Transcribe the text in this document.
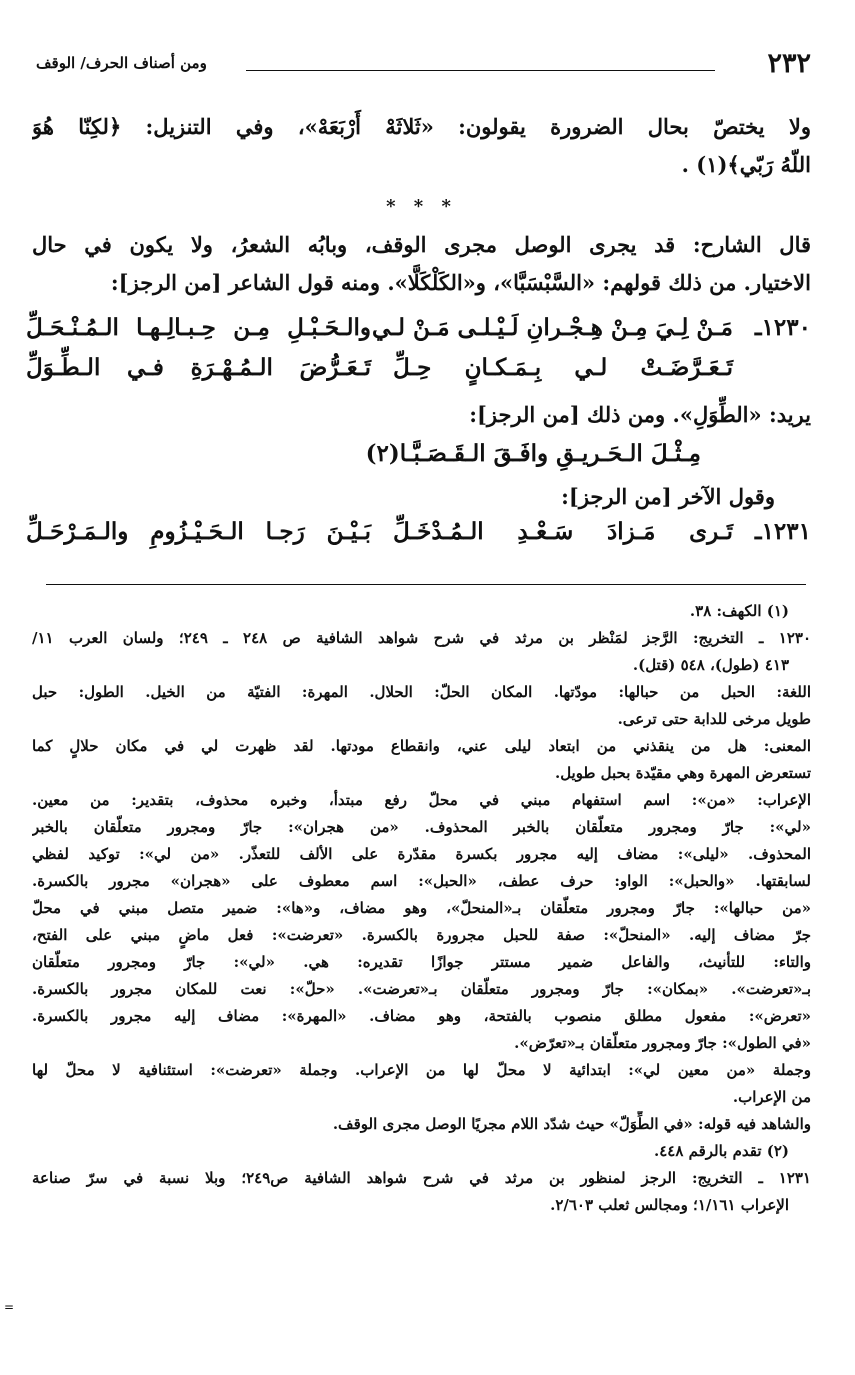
٢٣٢
ومن أصناف الحرف/ الوقف
ولا يختصّ بحال الضرورة يقولون: «ثَلاثَهْ أَرْبَعَهْ»، وفي التنزيل: ﴿لكِنّا هُوَ
اللّهُ رَبّي﴾(١) .
* * *
قال الشارح: قد يجرى الوصل مجرى الوقف، وبابُه الشعرُ، ولا يكون في حال
الاختيار. من ذلك قولهم: «السَّبْسَبَّا»، و«الكَلْكَلَّا». ومنه قول الشاعر [من الرجز]:
١٢٣٠ـ
مَـنْ لِـيَ مِـنْ هِـجْـرانِ لَـيْـلـى مَـنْ لـي
والـحَـبْـلِ مِـن حِـبـالِـهـا الـمُـنْـحَـلِّ
تَـعَـرَّضَـتْ لـي بِـمَـكـانٍ حِـلِّ
تَـعَـرُّضَ الـمُـهْـرَةِ فـي الـطِّـوَلِّ
يريد: «الطِّوَلِ». ومن ذلك [من الرجز]:
مِـثْـلَ الـحَـريـقِ وافَـقَ الـقَـصَـبَّـا(٢)
وقول الآخر [من الرجز]:
١٢٣١ـ
تَـرى مَـزادَ سَـعْـدِ الـمُـدْخَـلِّ
بَـيْـنَ رَجـا الـحَـيْـزُومِ والـمَـرْحَـلِّ
(١) الكهف: ٣٨.
١٢٣٠ ـ التخريج: الرَّجز لمَنْظر بن مرثد في شرح شواهد الشافية ص ٢٤٨ ـ ٢٤٩؛ ولسان العرب ١١/
٤١٣ (طول)، ٥٤٨ (قتل).
اللغة: الحبل من حبالها: مودّتها. المكان الحلّ: الحلال. المهرة: الفتيّة من الخيل. الطول: حبل
طويل مرخى للدابة حتى ترعى.
المعنى: هل من ينقذني من ابتعاد ليلى عني، وانقطاع مودتها. لقد ظهرت لي في مكان حلالٍ كما
تستعرض المهرة وهي مقيّدة بحبل طويل.
الإعراب: «من»: اسم استفهام مبني في محلّ رفع مبتدأ، وخبره محذوف، بتقدير: من معين.
«لي»: جارّ ومجرور متعلّقان بالخبر المحذوف. «من هجران»: جارّ ومجرور متعلّقان بالخبر
المحذوف. «ليلى»: مضاف إليه مجرور بكسرة مقدّرة على الألف للتعذّر. «من لي»: توكيد لفظي
لسابقتها. «والحبل»: الواو: حرف عطف، «الحبل»: اسم معطوف على «هجران» مجرور بالكسرة.
«من حبالها»: جارّ ومجرور متعلّقان بـ«المنحلّ»، وهو مضاف، و«ها»: ضمير متصل مبني في محلّ
جرّ مضاف إليه. «المنحلّ»: صفة للحبل مجرورة بالكسرة. «تعرضت»: فعل ماضٍ مبني على الفتح،
والتاء: للتأنيث، والفاعل ضمير مستتر جوازًا تقديره: هي. «لي»: جارّ ومجرور متعلّقان
بـ«تعرضت». «بمكان»: جارّ ومجرور متعلّقان بـ«تعرضت». «حلّ»: نعت للمكان مجرور بالكسرة.
«تعرض»: مفعول مطلق منصوب بالفتحة، وهو مضاف. «المهرة»: مضاف إليه مجرور بالكسرة.
«في الطول»: جارّ ومجرور متعلّقان بـ«تعرّض».
وجملة «من معين لي»: ابتدائية لا محلّ لها من الإعراب. وجملة «تعرضت»: استئنافية لا محلّ لها
من الإعراب.
والشاهد فيه قوله: «في الطِّوَلّ» حيث شدّد اللام مجريًا الوصل مجرى الوقف.
(٢) تقدم بالرقم ٤٤٨.
١٢٣١ ـ التخريج: الرجز لمنظور بن مرثد في شرح شواهد الشافية ص٢٤٩؛ وبلا نسبة في سرّ صناعة
الإعراب ١/١٦١؛ ومجالس ثعلب ٢/٦٠٣.
=
